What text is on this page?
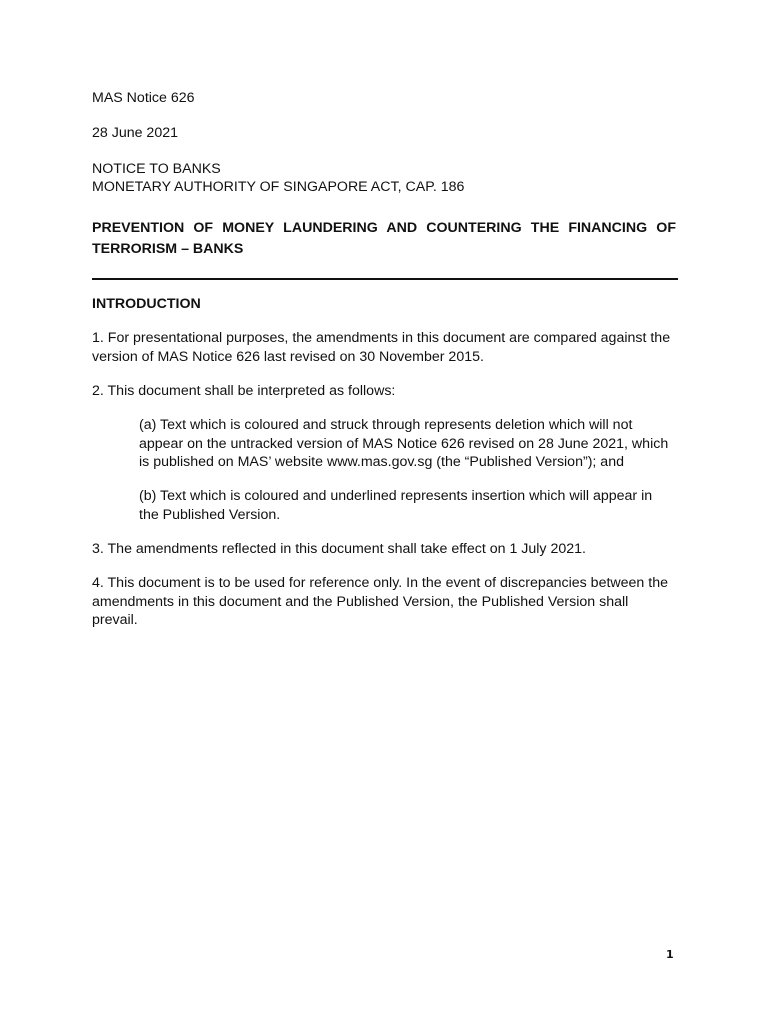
MAS Notice 626
28 June 2021
NOTICE TO BANKS
MONETARY AUTHORITY OF SINGAPORE ACT, CAP. 186
PREVENTION OF MONEY LAUNDERING AND COUNTERING THE FINANCING OF TERRORISM – BANKS
INTRODUCTION
1. For presentational purposes, the amendments in this document are compared against the version of MAS Notice 626 last revised on 30 November 2015.
2. This document shall be interpreted as follows:
(a) Text which is coloured and struck through represents deletion which will not appear on the untracked version of MAS Notice 626 revised on 28 June 2021, which is published on MAS’ website www.mas.gov.sg (the “Published Version”); and
(b) Text which is coloured and underlined represents insertion which will appear in the Published Version.
3. The amendments reflected in this document shall take effect on 1 July 2021.
4. This document is to be used for reference only. In the event of discrepancies between the amendments in this document and the Published Version, the Published Version shall prevail.
1
